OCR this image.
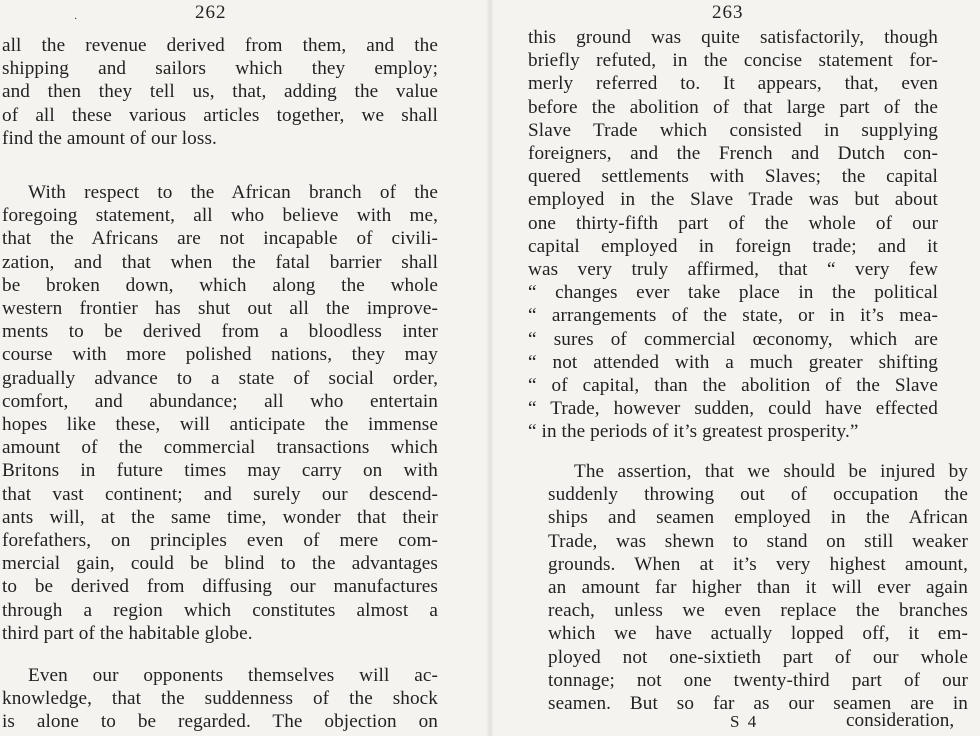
·	262
all the revenue derived from them, and the
shipping and sailors which they employ;
and then they tell us, that, adding the value
of all these various articles together, we shall
find the amount of our loss.
With respect to the African branch of the
foregoing statement, all who believe with me,
that the Africans are not incapable of civili-
zation, and that when the fatal barrier shall
be broken down, which along the whole
western frontier has shut out all the improve-
ments to be derived from a bloodless inter
course with more polished nations, they may
gradually advance to a state of social order,
comfort, and abundance; all who entertain
hopes like these, will anticipate the immense
amount of the commercial transactions which
Britons in future times may carry on with
that vast continent; and surely our descend-
ants will, at the same time, wonder that their
forefathers, on principles even of mere com-
mercial gain, could be blind to the advantages
to be derived from diffusing our manufactures
through a region which constitutes almost a
third part of the habitable globe.
Even our opponents themselves will ac-
knowledge, that the suddenness of the shock
is alone to be regarded. The objection on
263
this ground was quite satisfactorily, though
briefly refuted, in the concise statement for-
merly referred to. It appears, that, even
before the abolition of that large part of the
Slave Trade which consisted in supplying
foreigners, and the French and Dutch con-
quered settlements with Slaves; the capital
employed in the Slave Trade was but about
one thirty-fifth part of the whole of our
capital employed in foreign trade; and it
was very truly affirmed, that “ very few
“ changes ever take place in the political
“ arrangements of the state, or in it’s mea-
“ sures of commercial œconomy, which are
“ not attended with a much greater shifting
“ of capital, than the abolition of the Slave
“ Trade, however sudden, could have effected
“ in the periods of it’s greatest prosperity.”
The assertion, that we should be injured by
suddenly throwing out of occupation the
ships and seamen employed in the African
Trade, was shewn to stand on still weaker
grounds. When at it’s very highest amount,
an amount far higher than it will ever again
reach, unless we even replace the branches
which we have actually lopped off, it em-
ployed not one-sixtieth part of our whole
tonnage; not one twenty-third part of our
seamen. But so far as our seamen are in
S 4	consideration,
